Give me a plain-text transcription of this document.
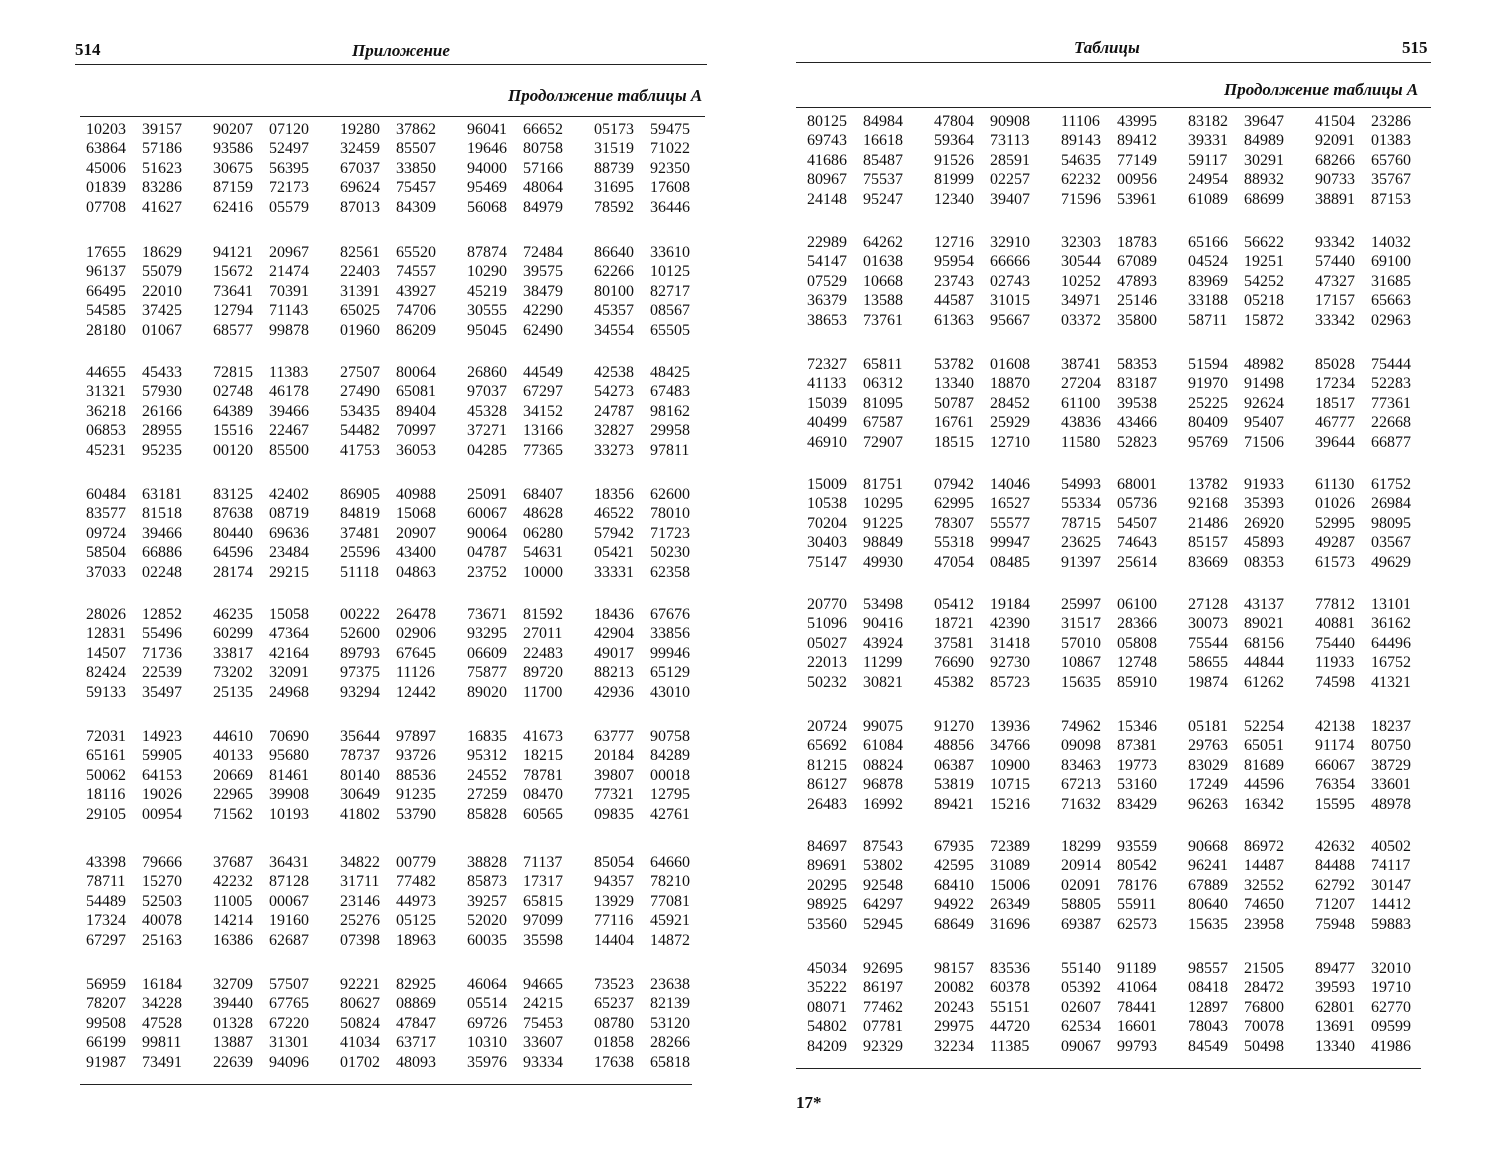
514	Приложение
Продолжение таблицы А
10203	39157	90207	07120	19280	37862	96041	66652	05173	59475
63864	57186	93586	52497	32459	85507	19646	80758	31519	71022
45006	51623	30675	56395	67037	33850	94000	57166	88739	92350
01839	83286	87159	72173	69624	75457	95469	48064	31695	17608
07708	41627	62416	05579	87013	84309	56068	84979	78592	36446
17655	18629	94121	20967	82561	65520	87874	72484	86640	33610
96137	55079	15672	21474	22403	74557	10290	39575	62266	10125
66495	22010	73641	70391	31391	43927	45219	38479	80100	82717
54585	37425	12794	71143	65025	74706	30555	42290	45357	08567
28180	01067	68577	99878	01960	86209	95045	62490	34554	65505
44655	45433	72815	11383	27507	80064	26860	44549	42538	48425
31321	57930	02748	46178	27490	65081	97037	67297	54273	67483
36218	26166	64389	39466	53435	89404	45328	34152	24787	98162
06853	28955	15516	22467	54482	70997	37271	13166	32827	29958
45231	95235	00120	85500	41753	36053	04285	77365	33273	97811
60484	63181	83125	42402	86905	40988	25091	68407	18356	62600
83577	81518	87638	08719	84819	15068	60067	48628	46522	78010
09724	39466	80440	69636	37481	20907	90064	06280	57942	71723
58504	66886	64596	23484	25596	43400	04787	54631	05421	50230
37033	02248	28174	29215	51118	04863	23752	10000	33331	62358
28026	12852	46235	15058	00222	26478	73671	81592	18436	67676
12831	55496	60299	47364	52600	02906	93295	27011	42904	33856
14507	71736	33817	42164	89793	67645	06609	22483	49017	99946
82424	22539	73202	32091	97375	11126	75877	89720	88213	65129
59133	35497	25135	24968	93294	12442	89020	11700	42936	43010
72031	14923	44610	70690	35644	97897	16835	41673	63777	90758
65161	59905	40133	95680	78737	93726	95312	18215	20184	84289
50062	64153	20669	81461	80140	88536	24552	78781	39807	00018
18116	19026	22965	39908	30649	91235	27259	08470	77321	12795
29105	00954	71562	10193	41802	53790	85828	60565	09835	42761
43398	79666	37687	36431	34822	00779	38828	71137	85054	64660
78711	15270	42232	87128	31711	77482	85873	17317	94357	78210
54489	52503	11005	00067	23146	44973	39257	65815	13929	77081
17324	40078	14214	19160	25276	05125	52020	97099	77116	45921
67297	25163	16386	62687	07398	18963	60035	35598	14404	14872
56959	16184	32709	57507	92221	82925	46064	94665	73523	23638
78207	34228	39440	67765	80627	08869	05514	24215	65237	82139
99508	47528	01328	67220	50824	47847	69726	75453	08780	53120
66199	99811	13887	31301	41034	63717	10310	33607	01858	28266
91987	73491	22639	94096	01702	48093	35976	93334	17638	65818
Таблицы	515
Продолжение таблицы А
80125	84984	47804	90908	11106	43995	83182	39647	41504	23286
69743	16618	59364	73113	89143	89412	39331	84989	92091	01383
41686	85487	91526	28591	54635	77149	59117	30291	68266	65760
80967	75537	81999	02257	62232	00956	24954	88932	90733	35767
24148	95247	12340	39407	71596	53961	61089	68699	38891	87153
22989	64262	12716	32910	32303	18783	65166	56622	93342	14032
54147	01638	95954	66666	30544	67089	04524	19251	57440	69100
07529	10668	23743	02743	10252	47893	83969	54252	47327	31685
36379	13588	44587	31015	34971	25146	33188	05218	17157	65663
38653	73761	61363	95667	03372	35800	58711	15872	33342	02963
72327	65811	53782	01608	38741	58353	51594	48982	85028	75444
41133	06312	13340	18870	27204	83187	91970	91498	17234	52283
15039	81095	50787	28452	61100	39538	25225	92624	18517	77361
40499	67587	16761	25929	43836	43466	80409	95407	46777	22668
46910	72907	18515	12710	11580	52823	95769	71506	39644	66877
15009	81751	07942	14046	54993	68001	13782	91933	61130	61752
10538	10295	62995	16527	55334	05736	92168	35393	01026	26984
70204	91225	78307	55577	78715	54507	21486	26920	52995	98095
30403	98849	55318	99947	23625	74643	85157	45893	49287	03567
75147	49930	47054	08485	91397	25614	83669	08353	61573	49629
20770	53498	05412	19184	25997	06100	27128	43137	77812	13101
51096	90416	18721	42390	31517	28366	30073	89021	40881	36162
05027	43924	37581	31418	57010	05808	75544	68156	75440	64496
22013	11299	76690	92730	10867	12748	58655	44844	11933	16752
50232	30821	45382	85723	15635	85910	19874	61262	74598	41321
20724	99075	91270	13936	74962	15346	05181	52254	42138	18237
65692	61084	48856	34766	09098	87381	29763	65051	91174	80750
81215	08824	06387	10900	83463	19773	83029	81689	66067	38729
86127	96878	53819	10715	67213	53160	17249	44596	76354	33601
26483	16992	89421	15216	71632	83429	96263	16342	15595	48978
84697	87543	67935	72389	18299	93559	90668	86972	42632	40502
89691	53802	42595	31089	20914	80542	96241	14487	84488	74117
20295	92548	68410	15006	02091	78176	67889	32552	62792	30147
98925	64297	94922	26349	58805	55911	80640	74650	71207	14412
53560	52945	68649	31696	69387	62573	15635	23958	75948	59883
45034	92695	98157	83536	55140	91189	98557	21505	89477	32010
35222	86197	20082	60378	05392	41064	08418	28472	39593	19710
08071	77462	20243	55151	02607	78441	12897	76800	62801	62770
54802	07781	29975	44720	62534	16601	78043	70078	13691	09599
84209	92329	32234	11385	09067	99793	84549	50498	13340	41986
17*
